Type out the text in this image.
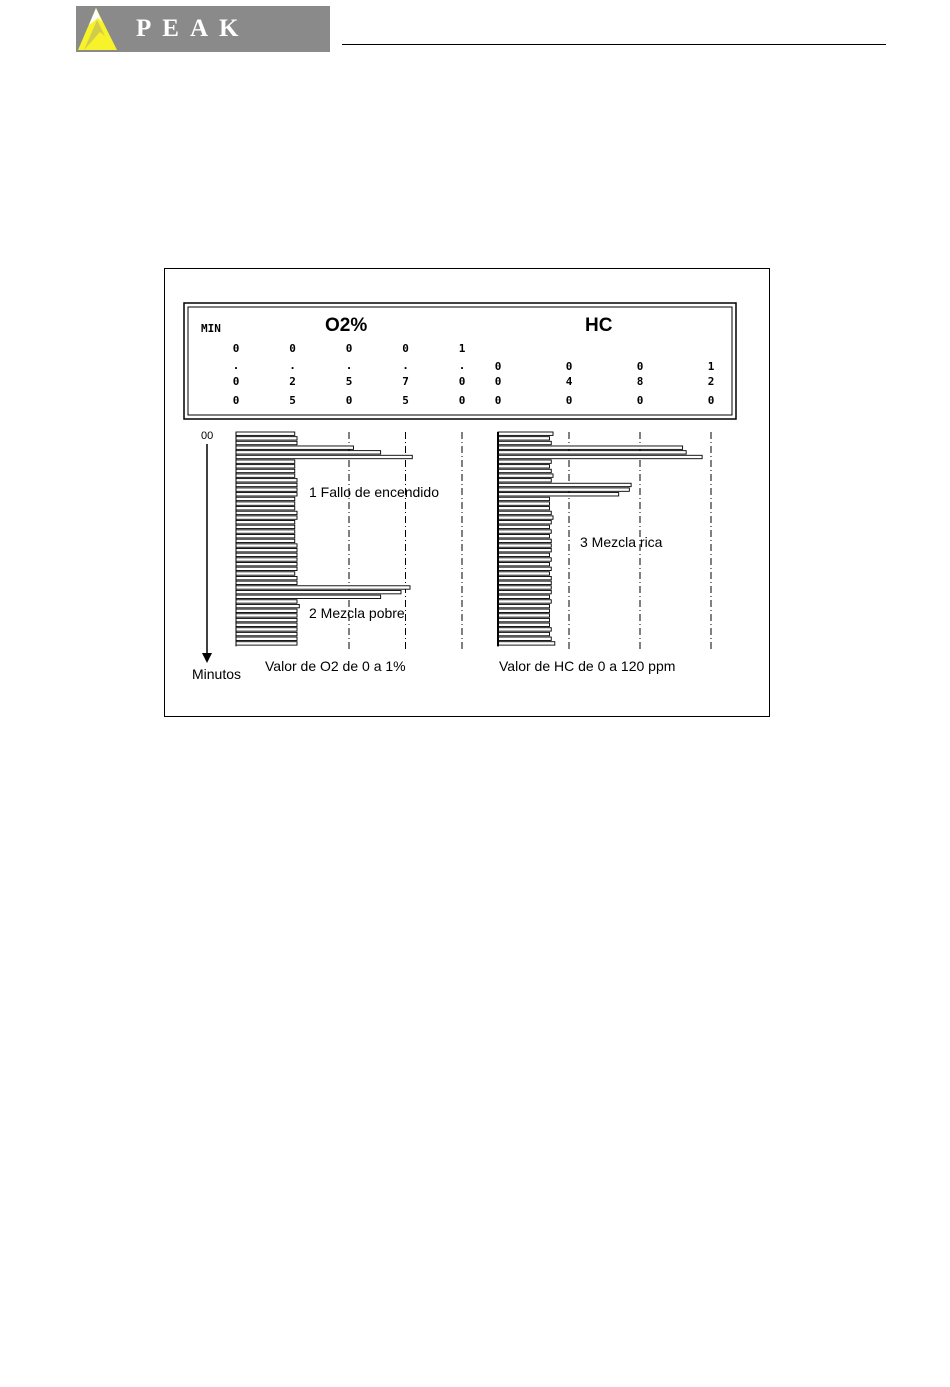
PEAK
MIN	O2%	HC
0
.
0
0
0
.
2
5
0
.
5
0
0
.
7
5
1
.
0
0
0
0
0
0
4
0
0
8
0
1
2
0
00
Minutos
1 Fallo de encendido
2 Mezcla pobre
3 Mezcla rica
Valor de O2 de 0 a 1%	Valor de HC de 0 a 120 ppm
